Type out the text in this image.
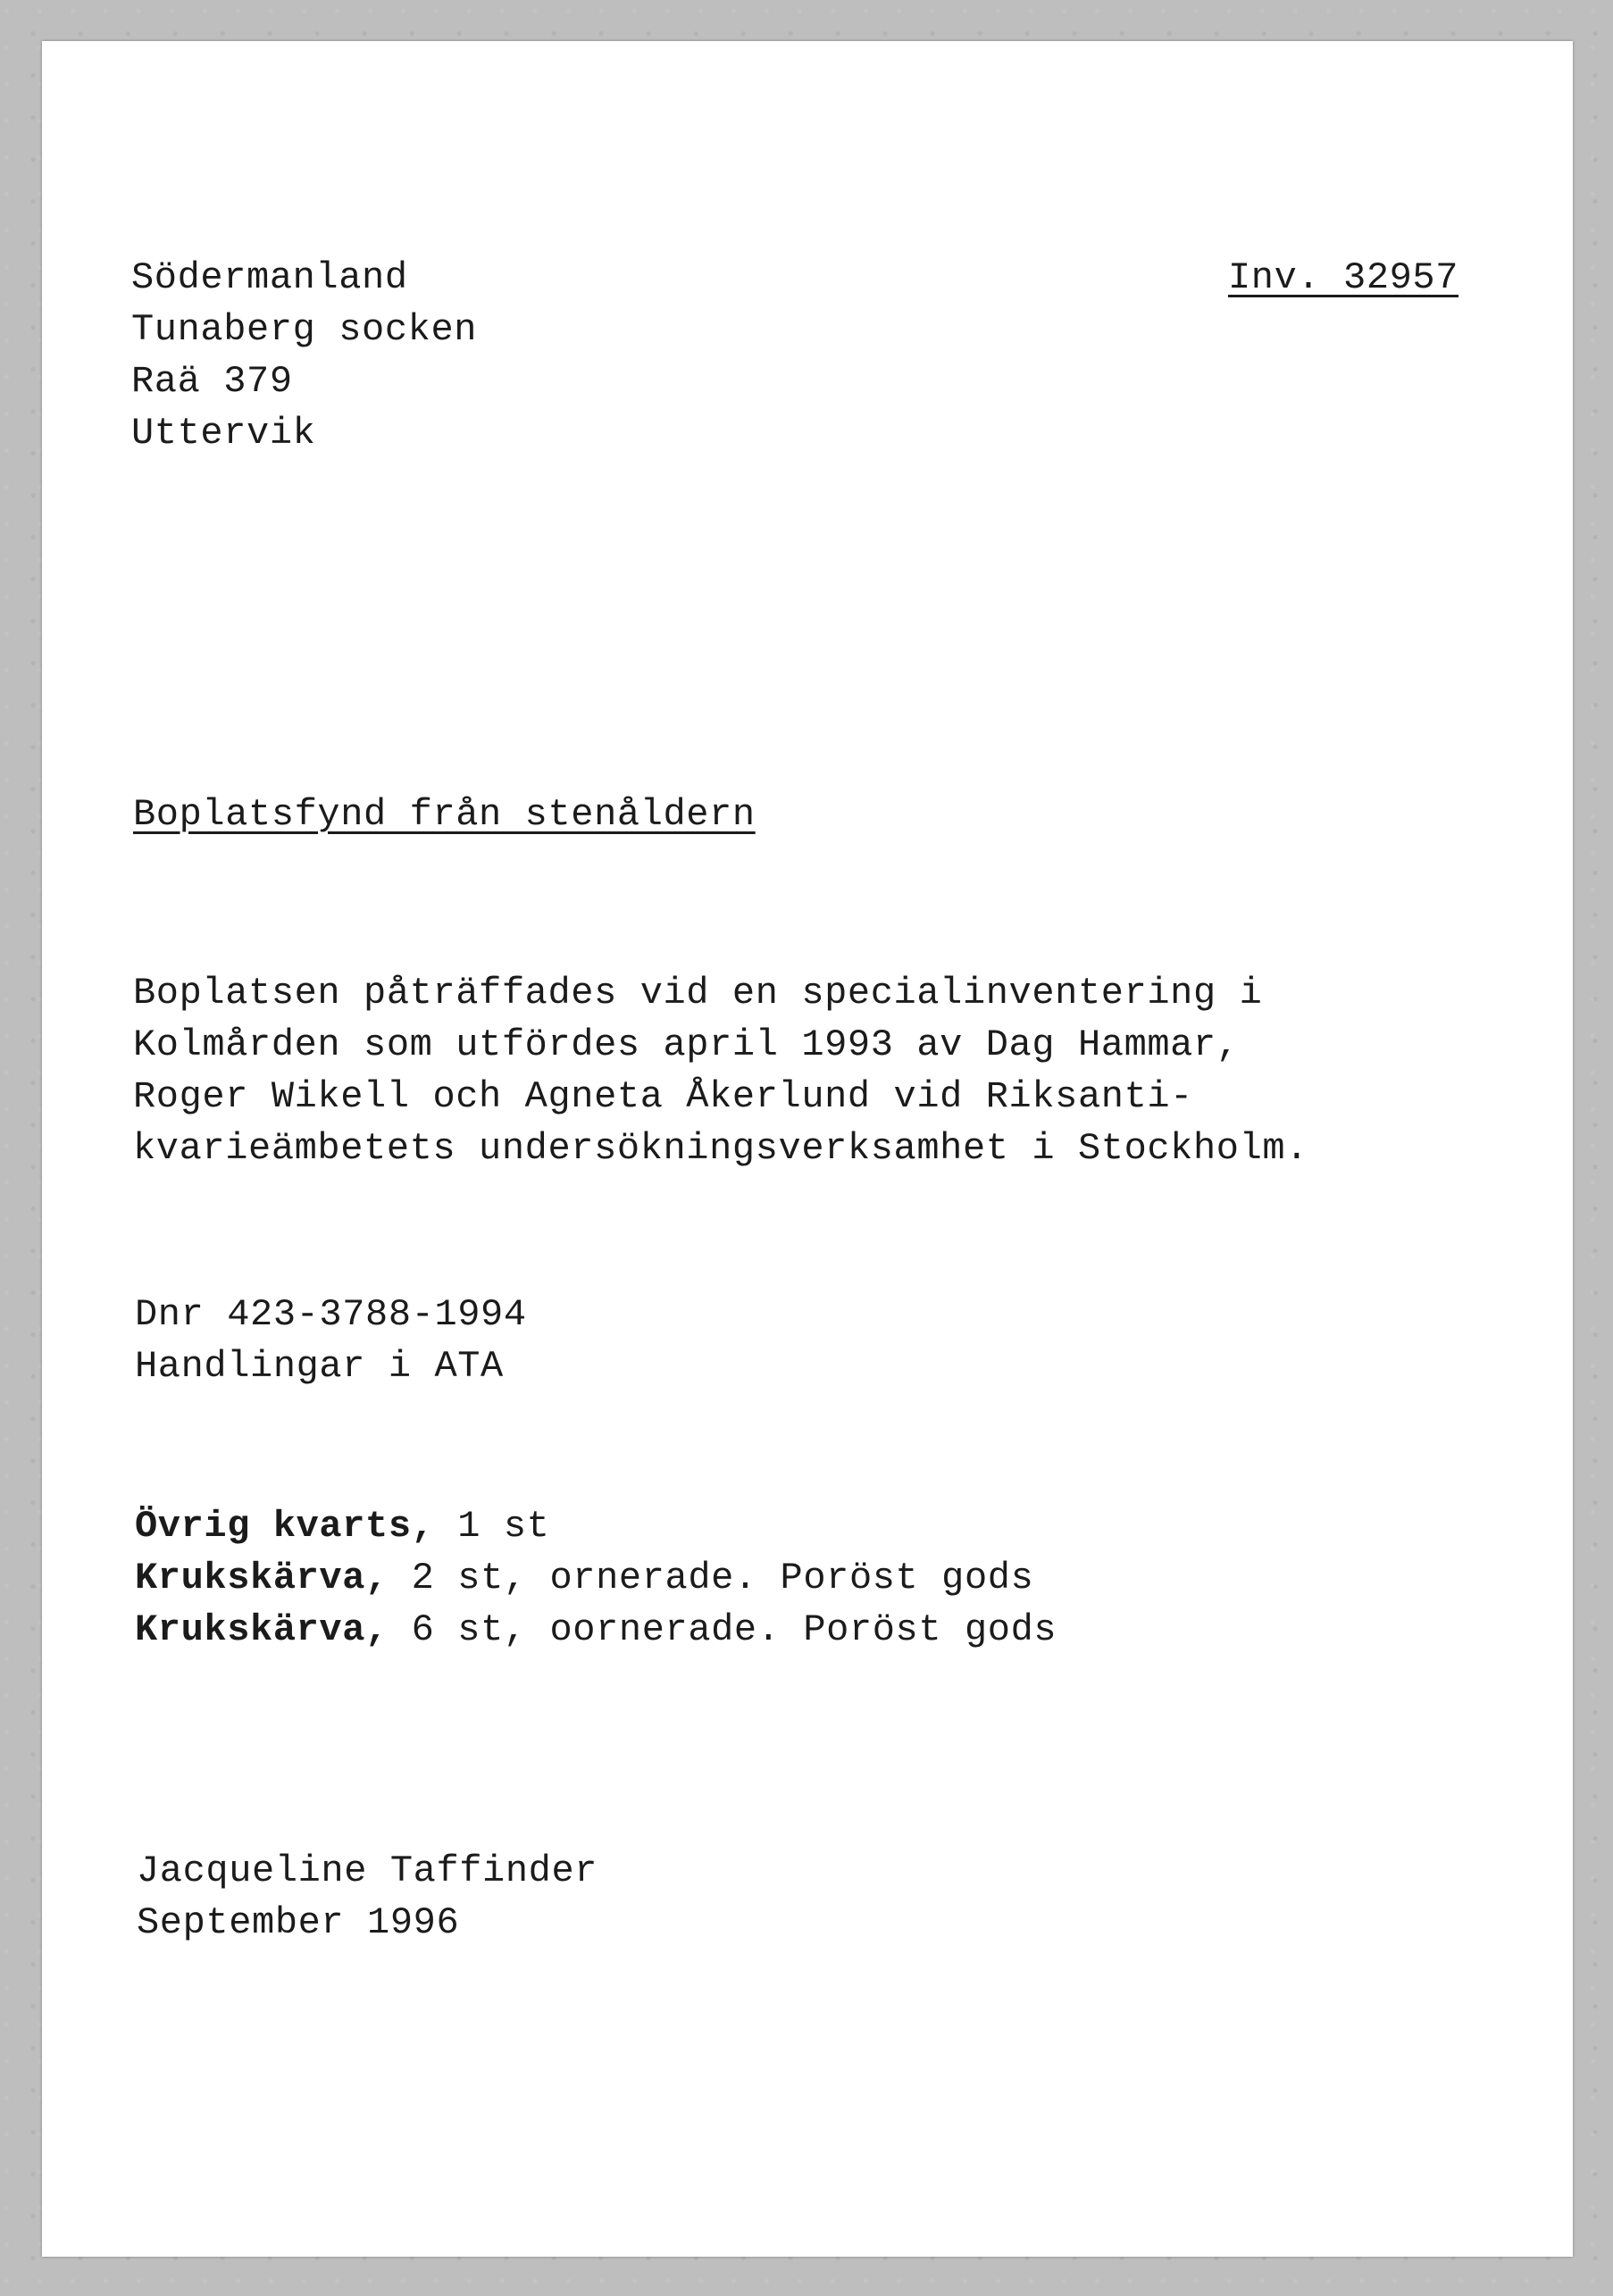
Södermanland
Tunaberg socken
Raä 379
Uttervik
Inv. 32957
Boplatsfynd från stenåldern
Boplatsen påträffades vid en specialinventering i
Kolmården som utfördes april 1993 av Dag Hammar,
Roger Wikell och Agneta Åkerlund vid Riksanti-
kvarieämbetets undersökningsverksamhet i Stockholm.
Dnr 423-3788-1994
Handlingar i ATA
Övrig kvarts, 1 st
Krukskärva, 2 st, ornerade. Poröst gods
Krukskärva, 6 st, oornerade. Poröst gods
Jacqueline Taffinder
September 1996
